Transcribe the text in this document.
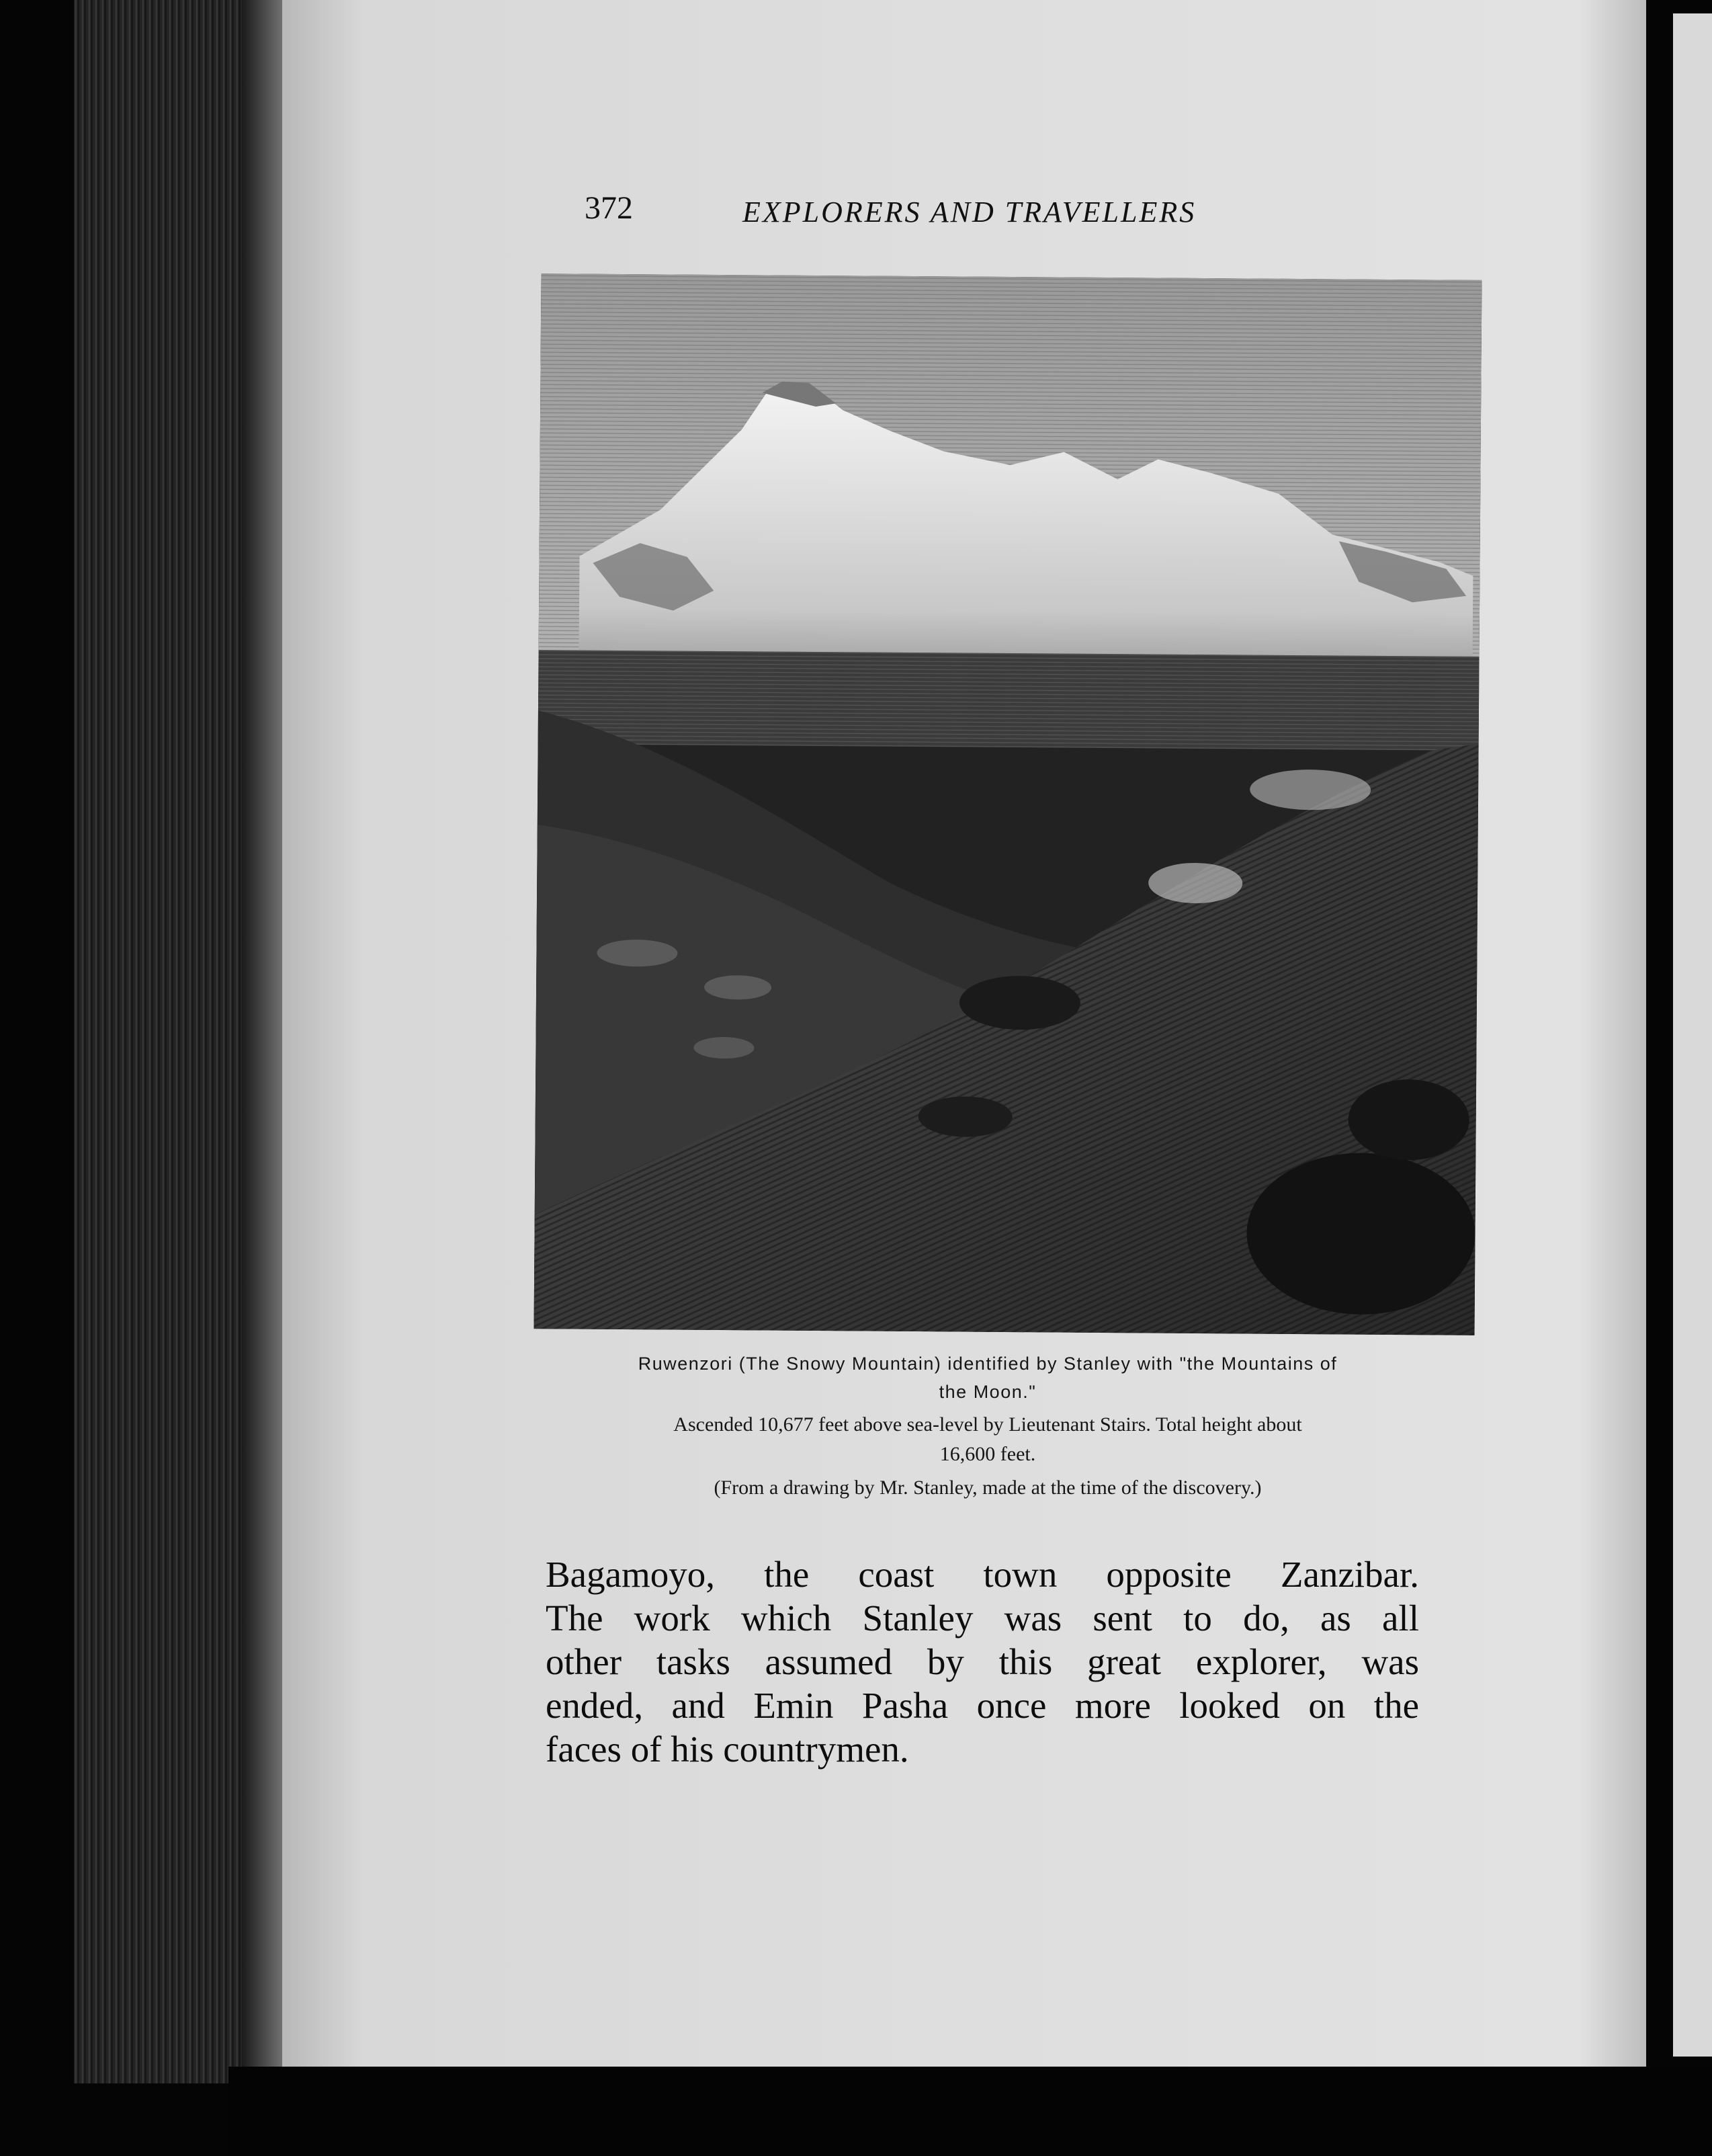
372	EXPLORERS AND TRAVELLERS
Ruwenzori (The Snowy Mountain) identified by Stanley with "the Mountains of
the Moon."
Ascended 10,677 feet above sea-level by Lieutenant Stairs. Total height about
16,600 feet.
(From a drawing by Mr. Stanley, made at the time of the discovery.)
Bagamoyo, the coast town opposite Zanzibar.
The work which Stanley was sent to do, as all
other tasks assumed by this great explorer, was
ended, and Emin Pasha once more looked on the
faces of his countrymen.
